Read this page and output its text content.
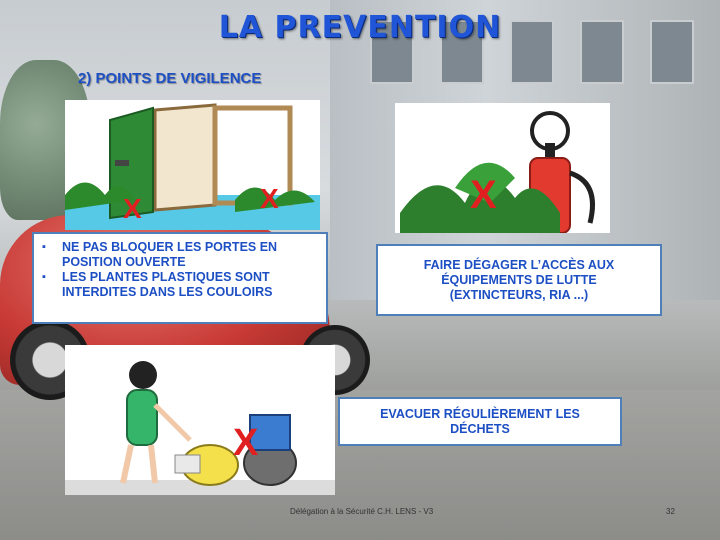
LA PREVENTION
2) POINTS DE VIGILENCE
X	X	X
X
▪ NE PAS BLOQUER LES PORTES EN POSITION OUVERTE
▪ LES PLANTES PLASTIQUES SONT INTERDITES DANS LES COULOIRS
FAIRE DÉGAGER L’ACCÈS AUX ÉQUIPEMENTS DE LUTTE (EXTINCTEURS, RIA ...)
EVACUER RÉGULIÈREMENT LES DÉCHETS
Délégation à la Sécurité C.H. LENS - V3	32
